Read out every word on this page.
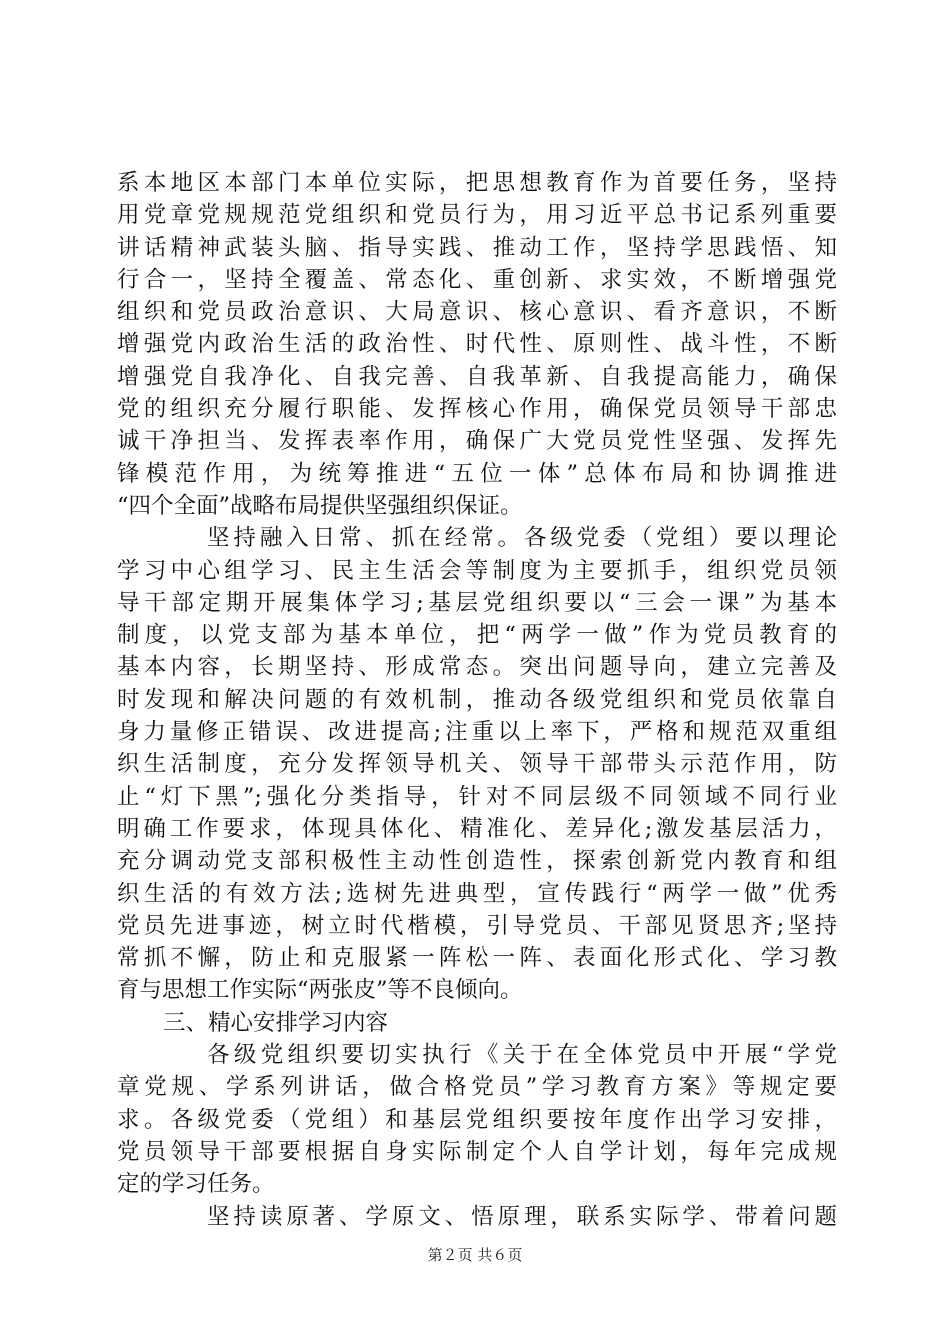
系本地区本部门本单位实际，把思想教育作为首要任务，坚持
用党章党规规范党组织和党员行为，用习近平总书记系列重要
讲话精神武装头脑、指导实践、推动工作，坚持学思践悟、知
行合一，坚持全覆盖、常态化、重创新、求实效，不断增强党
组织和党员政治意识、大局意识、核心意识、看齐意识，不断
增强党内政治生活的政治性、时代性、原则性、战斗性，不断
增强党自我净化、自我完善、自我革新、自我提高能力，确保
党的组织充分履行职能、发挥核心作用，确保党员领导干部忠
诚干净担当、发挥表率作用，确保广大党员党性坚强、发挥先
锋模范作用，为统筹推进“五位一体”总体布局和协调推进
“四个全面”战略布局提供坚强组织保证。
坚持融入日常、抓在经常。各级党委（党组）要以理论
学习中心组学习、民主生活会等制度为主要抓手，组织党员领
导干部定期开展集体学习;基层党组织要以“三会一课”为基本
制度，以党支部为基本单位，把“两学一做”作为党员教育的
基本内容，长期坚持、形成常态。突出问题导向，建立完善及
时发现和解决问题的有效机制，推动各级党组织和党员依靠自
身力量修正错误、改进提高;注重以上率下，严格和规范双重组
织生活制度，充分发挥领导机关、领导干部带头示范作用，防
止“灯下黑”;强化分类指导，针对不同层级不同领域不同行业
明确工作要求，体现具体化、精准化、差异化;激发基层活力，
充分调动党支部积极性主动性创造性，探索创新党内教育和组
织生活的有效方法;选树先进典型，宣传践行“两学一做”优秀
党员先进事迹，树立时代楷模，引导党员、干部见贤思齐;坚持
常抓不懈，防止和克服紧一阵松一阵、表面化形式化、学习教
育与思想工作实际“两张皮”等不良倾向。
三、精心安排学习内容
各级党组织要切实执行《关于在全体党员中开展“学党
章党规、学系列讲话，做合格党员”学习教育方案》等规定要
求。各级党委（党组）和基层党组织要按年度作出学习安排，
党员领导干部要根据自身实际制定个人自学计划，每年完成规
定的学习任务。
坚持读原著、学原文、悟原理，联系实际学、带着问题
第２页 共６页
